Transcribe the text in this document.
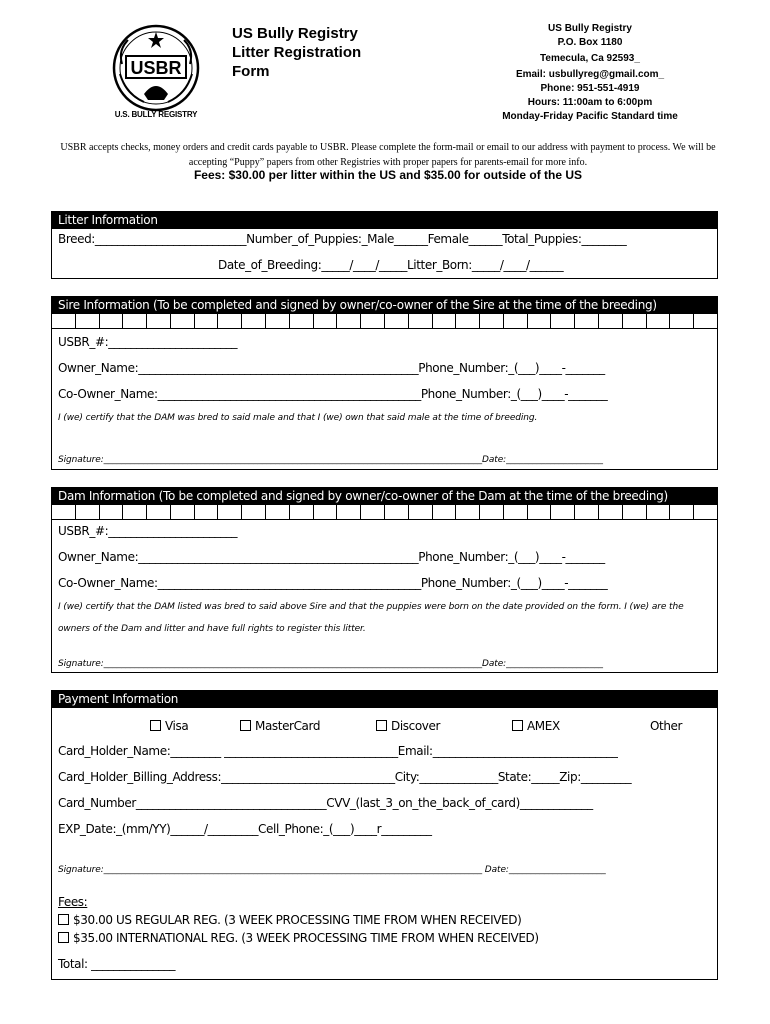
USBR
U.S. BULLY REGISTRY
US Bully Registry
Litter Registration
Form
US Bully Registry
P.O. Box 1180
Temecula, Ca 92593_
Email: usbullyreg@gmail.com_
Phone: 951-551-4919
Hours: 11:00am to 6:00pm
Monday-Friday Pacific Standard time
USBR accepts checks, money orders and credit cards payable to USBR. Please complete the form-mail or email to our address with payment to process. We will be accepting “Puppy” papers from other Registries with proper papers for parents-email for more info.
Fees: $30.00 per litter within the US and $35.00 for outside of the US
Litter Information
Breed:___________________________Number_of_Puppies:_Male______Female______Total_Puppies:________
Date_of_Breeding:_____/____/_____Litter_Born:_____/____/______
Sire Information (To be completed and signed by owner/co-owner of the Sire at the time of the breeding)
USBR_#:_______________________
Owner_Name:__________________________________________________Phone_Number:_(___)____-_______
Co-Owner_Name:_______________________________________________Phone_Number:_(___)____-_______
I (we) certify that the DAM was bred to said male and that I (we) own that said male at the time of breeding.
Signature:______________________________________________________________________________________Date:______________________
Dam Information (To be completed and signed by owner/co-owner of the Dam at the time of the breeding)
USBR_#:_______________________
Owner_Name:__________________________________________________Phone_Number:_(___)____-_______
Co-Owner_Name:_______________________________________________Phone_Number:_(___)____-_______
I (we) certify that the DAM listed was bred to said above Sire and that the puppies were born on the date provided on the form. I (we) are the
owners of the Dam and litter and have full rights to register this litter.
Signature:______________________________________________________________________________________Date:______________________
Payment Information
Visa	MasterCard	Discover	AMEX	Other
Card_Holder_Name:_________ _______________________________Email:_________________________________
Card_Holder_Billing_Address:_______________________________City:______________State:_____Zip:_________
Card_Number__________________________________CVV_(last_3_on_the_back_of_card)_____________
EXP_Date:_(mm/YY)______/_________Cell_Phone:_(___)____r_________
Signature:______________________________________________________________________________________ Date:______________________
Fees:
$30.00 US REGULAR REG. (3 WEEK PROCESSING TIME FROM WHEN RECEIVED)
$35.00 INTERNATIONAL REG. (3 WEEK PROCESSING TIME FROM WHEN RECEIVED)
Total: _______________
